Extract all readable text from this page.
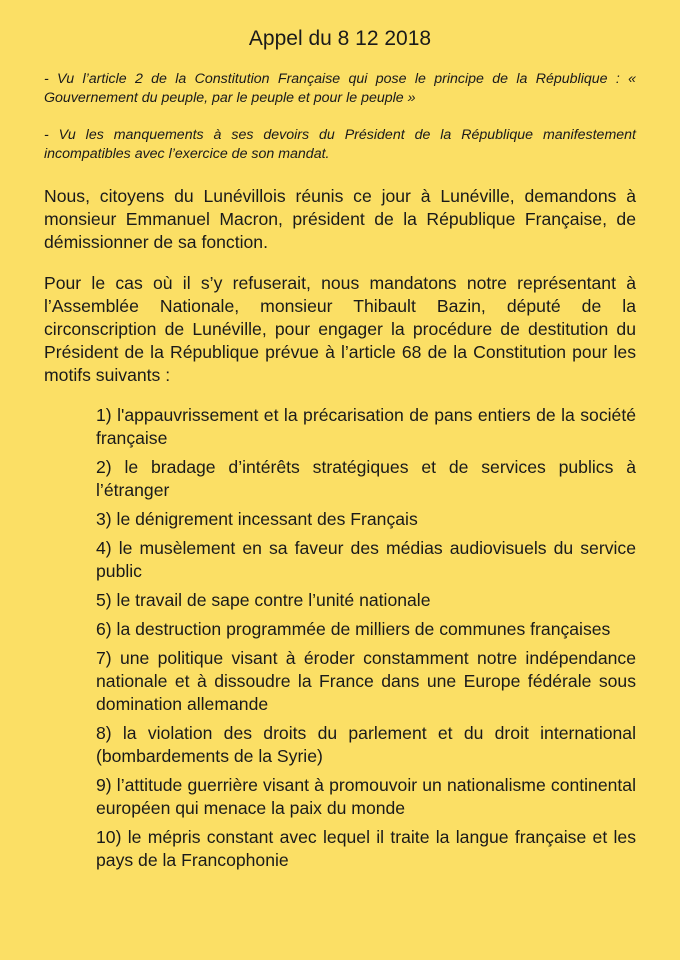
Appel du 8 12 2018

- Vu l’article 2 de la Constitution Française qui pose le principe de la République : « Gouvernement du peuple, par le peuple et pour le peuple »

- Vu les manquements à ses devoirs du Président de la République manifestement incompatibles avec l’exercice de son mandat.

Nous, citoyens du Lunévillois réunis ce jour à Lunéville, demandons à monsieur Emmanuel Macron, président de la République Française, de démissionner de sa fonction.

Pour le cas où il s’y refuserait, nous mandatons notre représentant à l’Assemblée Nationale, monsieur Thibault Bazin, député de la circonscription de Lunéville, pour engager la procédure de destitution du Président de la République prévue à l’article 68 de la Constitution pour les motifs suivants :

1) l'appauvrissement et la précarisation de pans entiers de la société française
2) le bradage d’intérêts stratégiques et de services publics à l’étranger
3) le dénigrement incessant des Français
4) le musèlement en sa faveur des médias audiovisuels du service public
5) le travail de sape contre l’unité nationale
6) la destruction programmée de milliers de communes françaises
7) une politique visant à éroder constamment notre indépendance nationale et à dissoudre la France dans une Europe fédérale sous domination allemande
8) la violation des droits du parlement et du droit international (bombardements de la Syrie)
9) l’attitude guerrière visant à promouvoir un nationalisme continental européen qui menace la paix du monde
10) le mépris constant avec lequel il traite la langue française et les pays de la Francophonie
